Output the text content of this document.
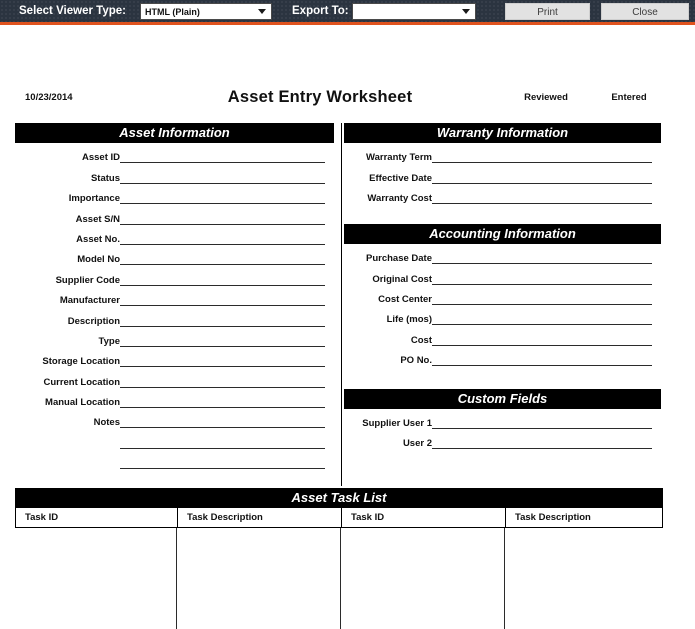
Select Viewer Type: HTML (Plain)	Export To:	Print	Close
10/23/2014	Asset Entry Worksheet	Reviewed	Entered
Asset Information
Asset ID
Status
Importance
Asset S/N
Asset No.
Model No
Supplier Code
Manufacturer
Description
Type
Storage Location
Current Location
Manual Location
Notes
Warranty Information
Warranty Term
Effective Date
Warranty Cost
Accounting Information
Purchase Date
Original Cost
Cost Center
Life (mos)
Cost
PO No.
Custom Fields
Supplier User 1
User 2
Asset Task List
Task ID	Task Description	Task ID	Task Description
